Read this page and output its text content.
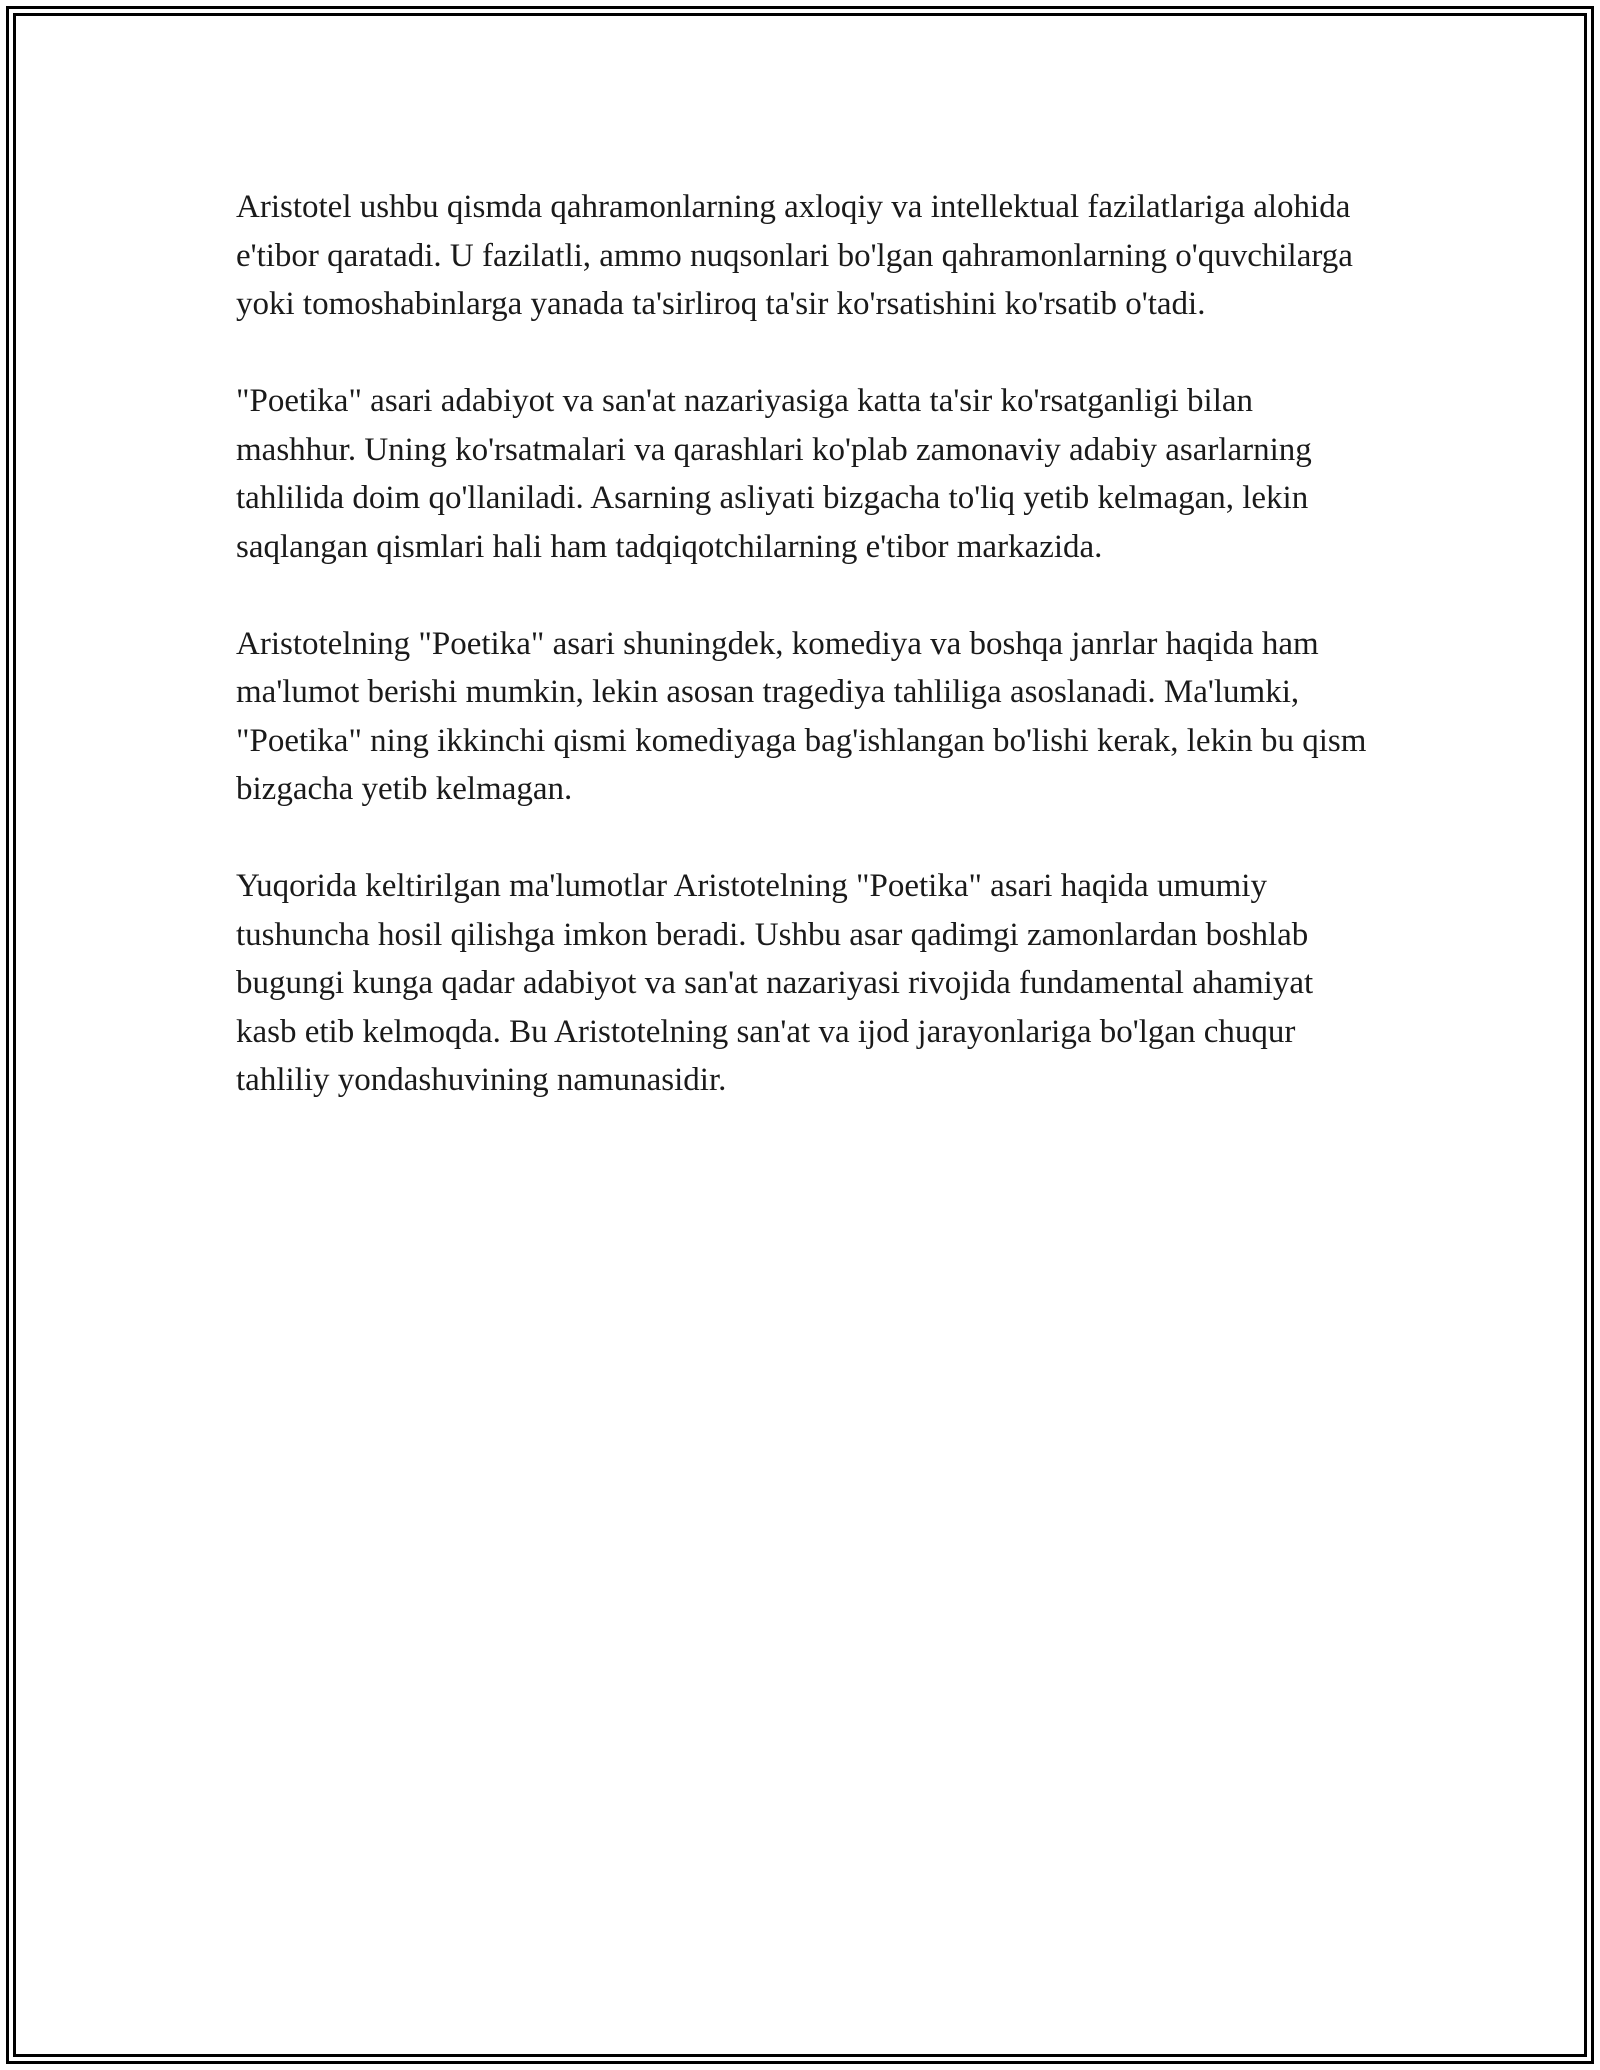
Aristotel ushbu qismda qahramonlarning axloqiy va intellektual fazilatlariga alohida e'tibor qaratadi. U fazilatli, ammo nuqsonlari bo'lgan qahramonlarning o'quvchilarga yoki tomoshabinlarga yanada ta'sirliroq ta'sir ko'rsatishini ko'rsatib o'tadi.

"Poetika" asari adabiyot va san'at nazariyasiga katta ta'sir ko'rsatganligi bilan mashhur. Uning ko'rsatmalari va qarashlari ko'plab zamonaviy adabiy asarlarning tahlilida doim qo'llaniladi. Asarning asliyati bizgacha to'liq yetib kelmagan, lekin saqlangan qismlari hali ham tadqiqotchilarning e'tibor markazida.

Aristotelning "Poetika" asari shuningdek, komediya va boshqa janrlar haqida ham ma'lumot berishi mumkin, lekin asosan tragediya tahliliga asoslanadi. Ma'lumki, "Poetika" ning ikkinchi qismi komediyaga bag'ishlangan bo'lishi kerak, lekin bu qism bizgacha yetib kelmagan.

Yuqorida keltirilgan ma'lumotlar Aristotelning "Poetika" asari haqida umumiy tushuncha hosil qilishga imkon beradi. Ushbu asar qadimgi zamonlardan boshlab bugungi kunga qadar adabiyot va san'at nazariyasi rivojida fundamental ahamiyat kasb etib kelmoqda. Bu Aristotelning san'at va ijod jarayonlariga bo'lgan chuqur tahliliy yondashuvining namunasidir.
